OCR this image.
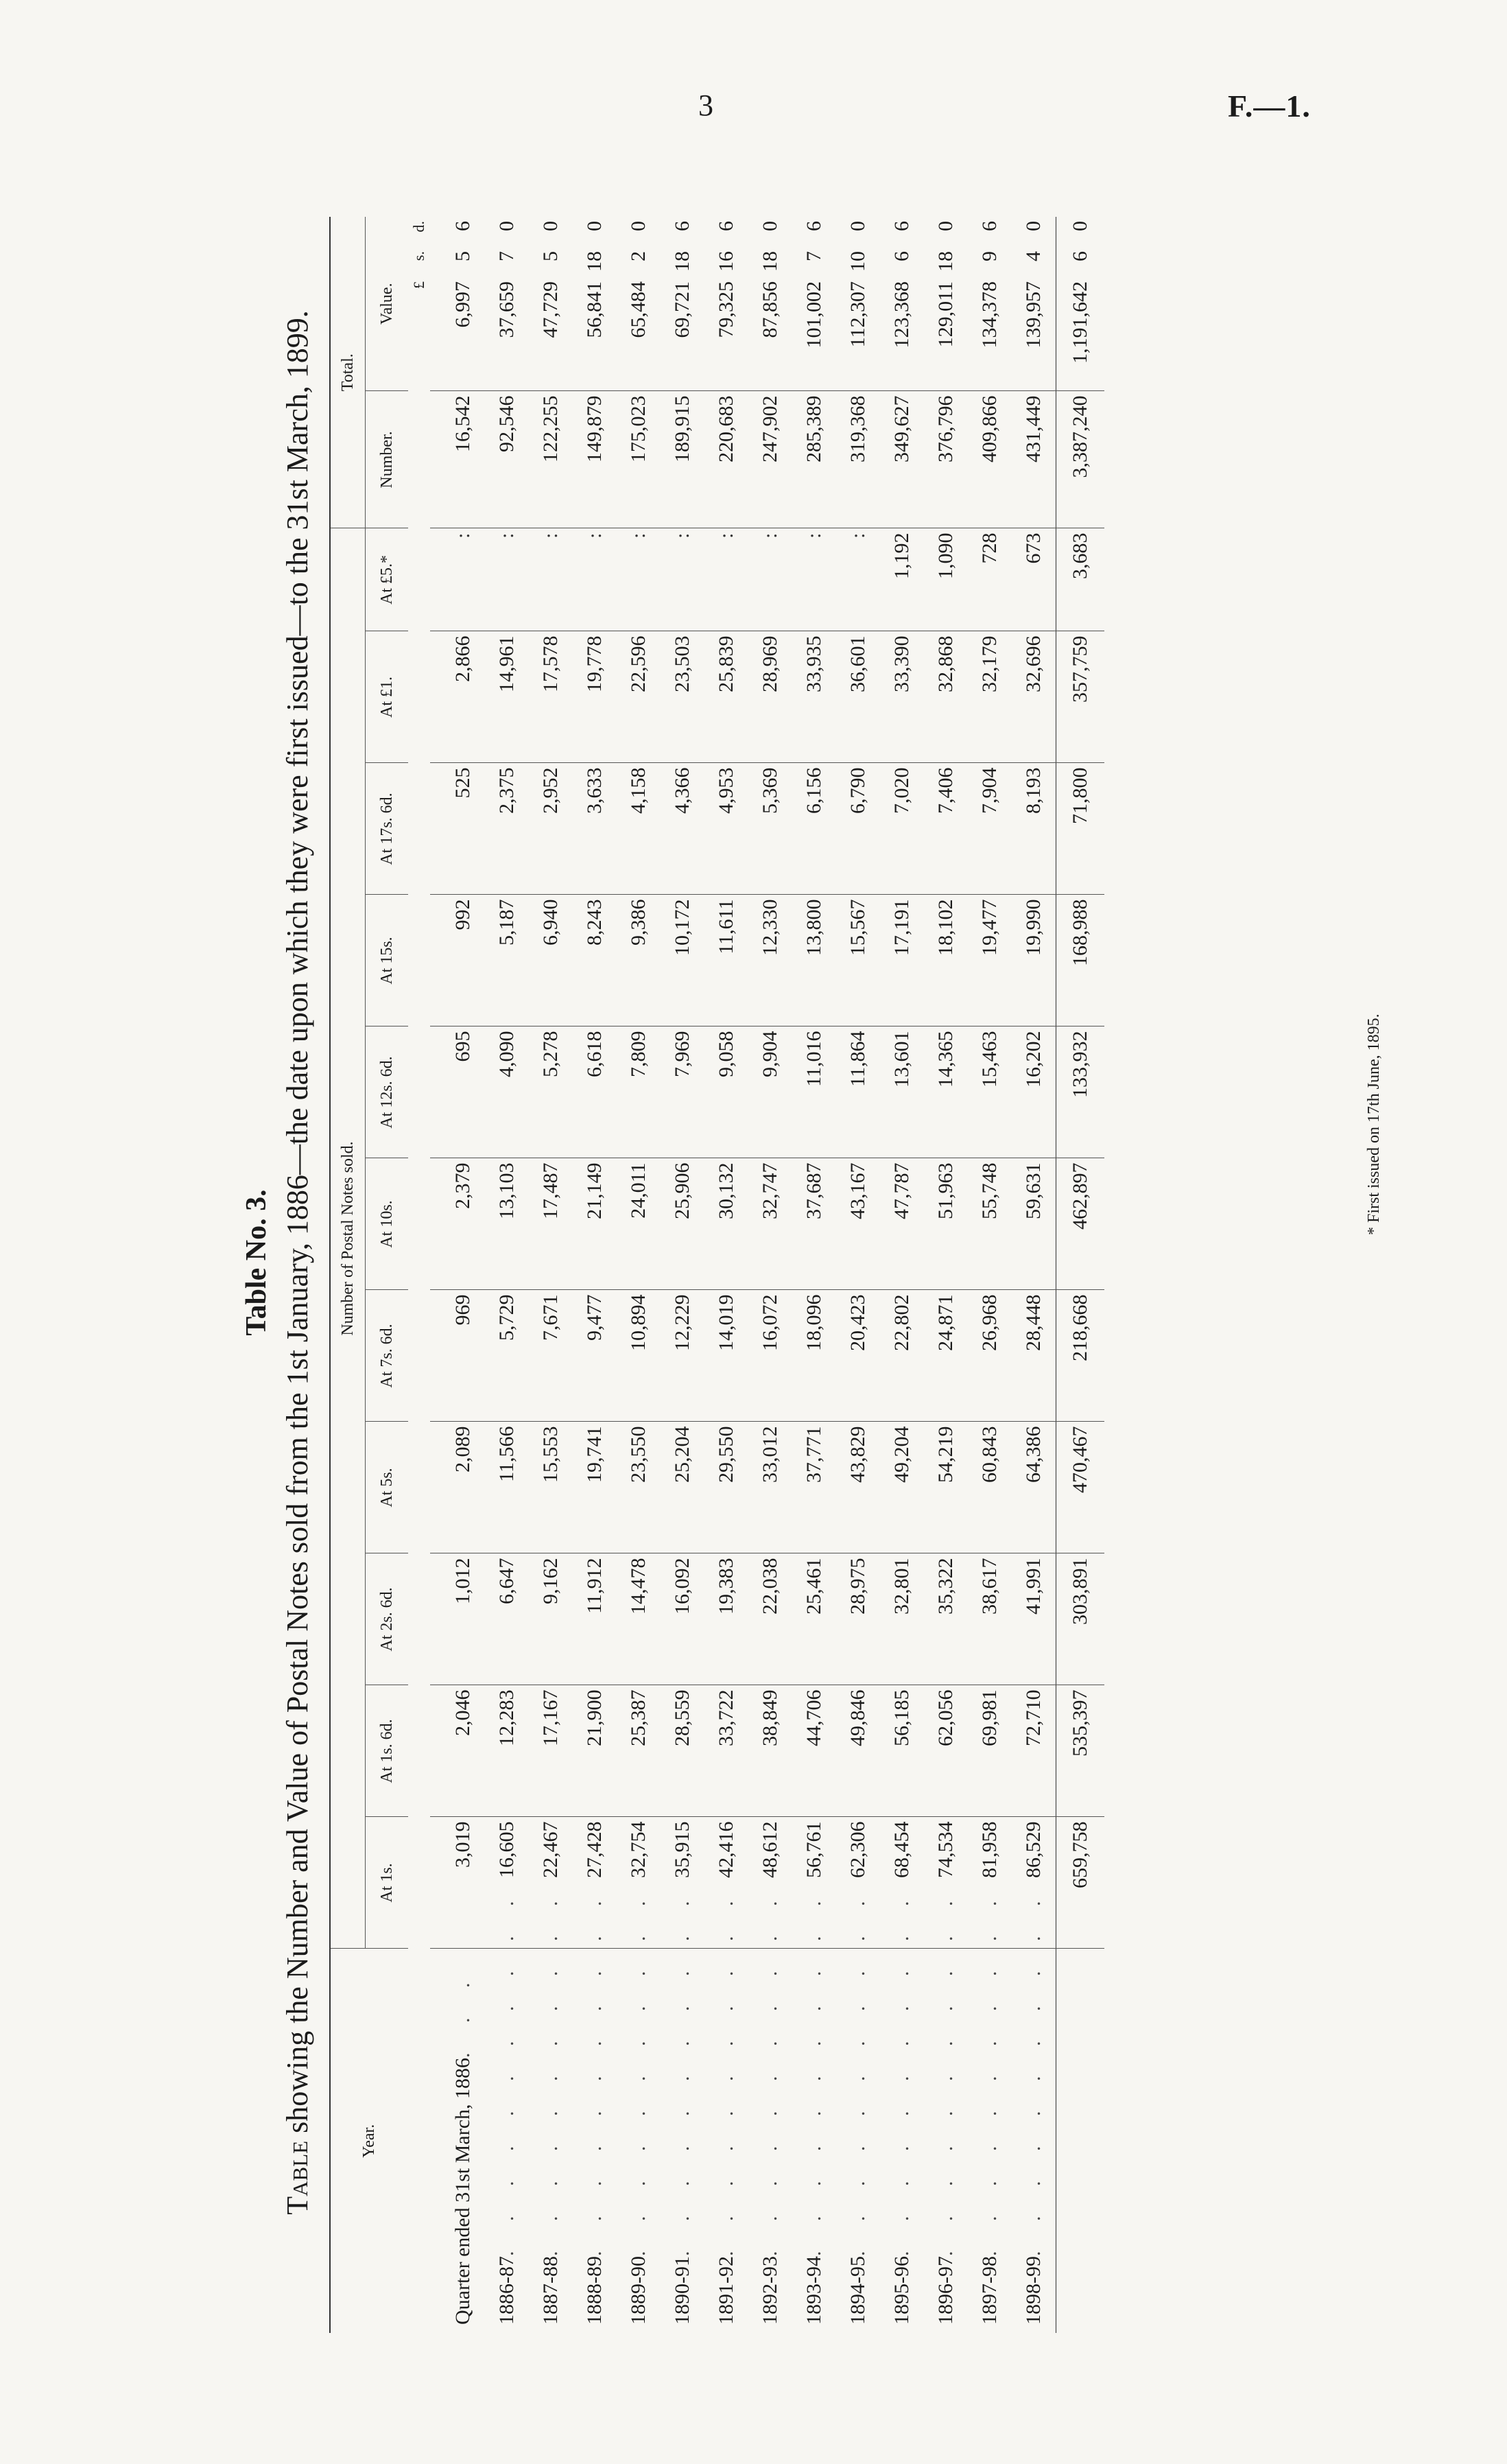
3	F.—1.
Table No. 3.
Table showing the Number and Value of Postal Notes sold from the 1st January, 1886—the date upon which they were first issued—to the 31st March, 1899.
Year.	Number of Postal Notes sold.											Total.			
	At 1s.	At 1s. 6d.	At 2s. 6d.	At 5s.	At 7s. 6d.	At 10s.	At 12s. 6d.	At 15s.	At 17s. 6d.	At £1.	At £5.*	Number.	Value.		
													£	s.	d.
Quarter ended 31st March, 1886. . .	3,019	2,046	1,012	2,089	969	2,379	695	992	525	2,866	:	16,542	6,997	5	6
1886-87. . . . . . . . . . .	16,605	12,283	6,647	11,566	5,729	13,103	4,090	5,187	2,375	14,961	:	92,546	37,659	7	0
1887-88. . . . . . . . . . .	22,467	17,167	9,162	15,553	7,671	17,487	5,278	6,940	2,952	17,578	:	122,255	47,729	5	0
1888-89. . . . . . . . . . .	27,428	21,900	11,912	19,741	9,477	21,149	6,618	8,243	3,633	19,778	:	149,879	56,841	18	0
1889-90. . . . . . . . . . .	32,754	25,387	14,478	23,550	10,894	24,011	7,809	9,386	4,158	22,596	:	175,023	65,484	2	0
1890-91. . . . . . . . . . .	35,915	28,559	16,092	25,204	12,229	25,906	7,969	10,172	4,366	23,503	:	189,915	69,721	18	6
1891-92. . . . . . . . . . .	42,416	33,722	19,383	29,550	14,019	30,132	9,058	11,611	4,953	25,839	:	220,683	79,325	16	6
1892-93. . . . . . . . . . .	48,612	38,849	22,038	33,012	16,072	32,747	9,904	12,330	5,369	28,969	:	247,902	87,856	18	0
1893-94. . . . . . . . . . .	56,761	44,706	25,461	37,771	18,096	37,687	11,016	13,800	6,156	33,935	:	285,389	101,002	7	6
1894-95. . . . . . . . . . .	62,306	49,846	28,975	43,829	20,423	43,167	11,864	15,567	6,790	36,601	:	319,368	112,307	10	0
1895-96. . . . . . . . . . .	68,454	56,185	32,801	49,204	22,802	47,787	13,601	17,191	7,020	33,390	1,192	349,627	123,368	6	6
1896-97. . . . . . . . . . .	74,534	62,056	35,322	54,219	24,871	51,963	14,365	18,102	7,406	32,868	1,090	376,796	129,011	18	0
1897-98. . . . . . . . . . .	81,958	69,981	38,617	60,843	26,968	55,748	15,463	19,477	7,904	32,179	728	409,866	134,378	9	6
1898-99. . . . . . . . . . .	86,529	72,710	41,991	64,386	28,448	59,631	16,202	19,990	8,193	32,696	673	431,449	139,957	4	0
	659,758	535,397	303,891	470,467	218,668	462,897	133,932	168,988	71,800	357,759	3,683	3,387,240	1,191,642	6	0
* First issued on 17th June, 1895.
